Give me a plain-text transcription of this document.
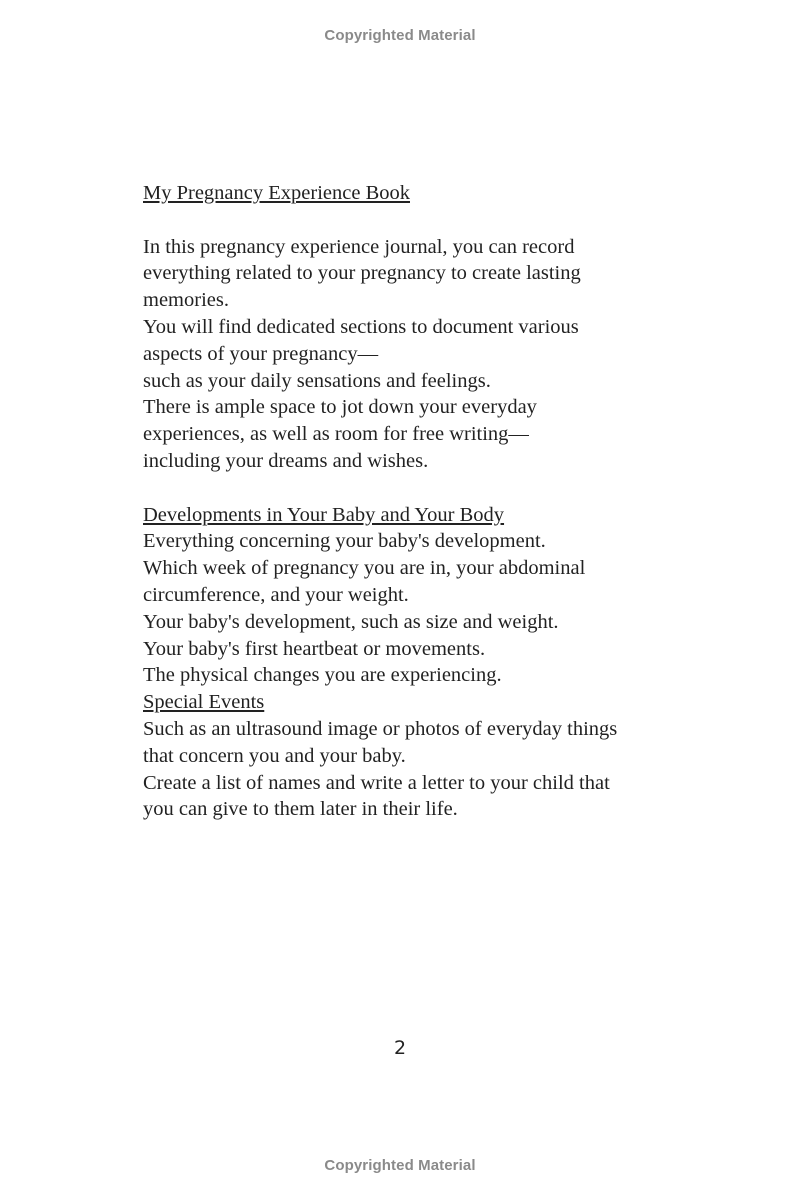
Copyrighted Material

My Pregnancy Experience Book

In this pregnancy experience journal, you can record

everything related to your pregnancy to create lasting

memories.

You will find dedicated sections to document various

aspects of your pregnancy—

such as your daily sensations and feelings.

There is ample space to jot down your everyday

experiences, as well as room for free writing—

including your dreams and wishes.

Developments in Your Baby and Your Body

Everything concerning your baby's development.

Which week of pregnancy you are in, your abdominal

circumference, and your weight.

Your baby's development, such as size and weight.

Your baby's first heartbeat or movements.

The physical changes you are experiencing.

Special Events

Such as an ultrasound image or photos of everyday things

that concern you and your baby.

Create a list of names and write a letter to your child that

you can give to them later in their life.

2
Copyrighted Material
